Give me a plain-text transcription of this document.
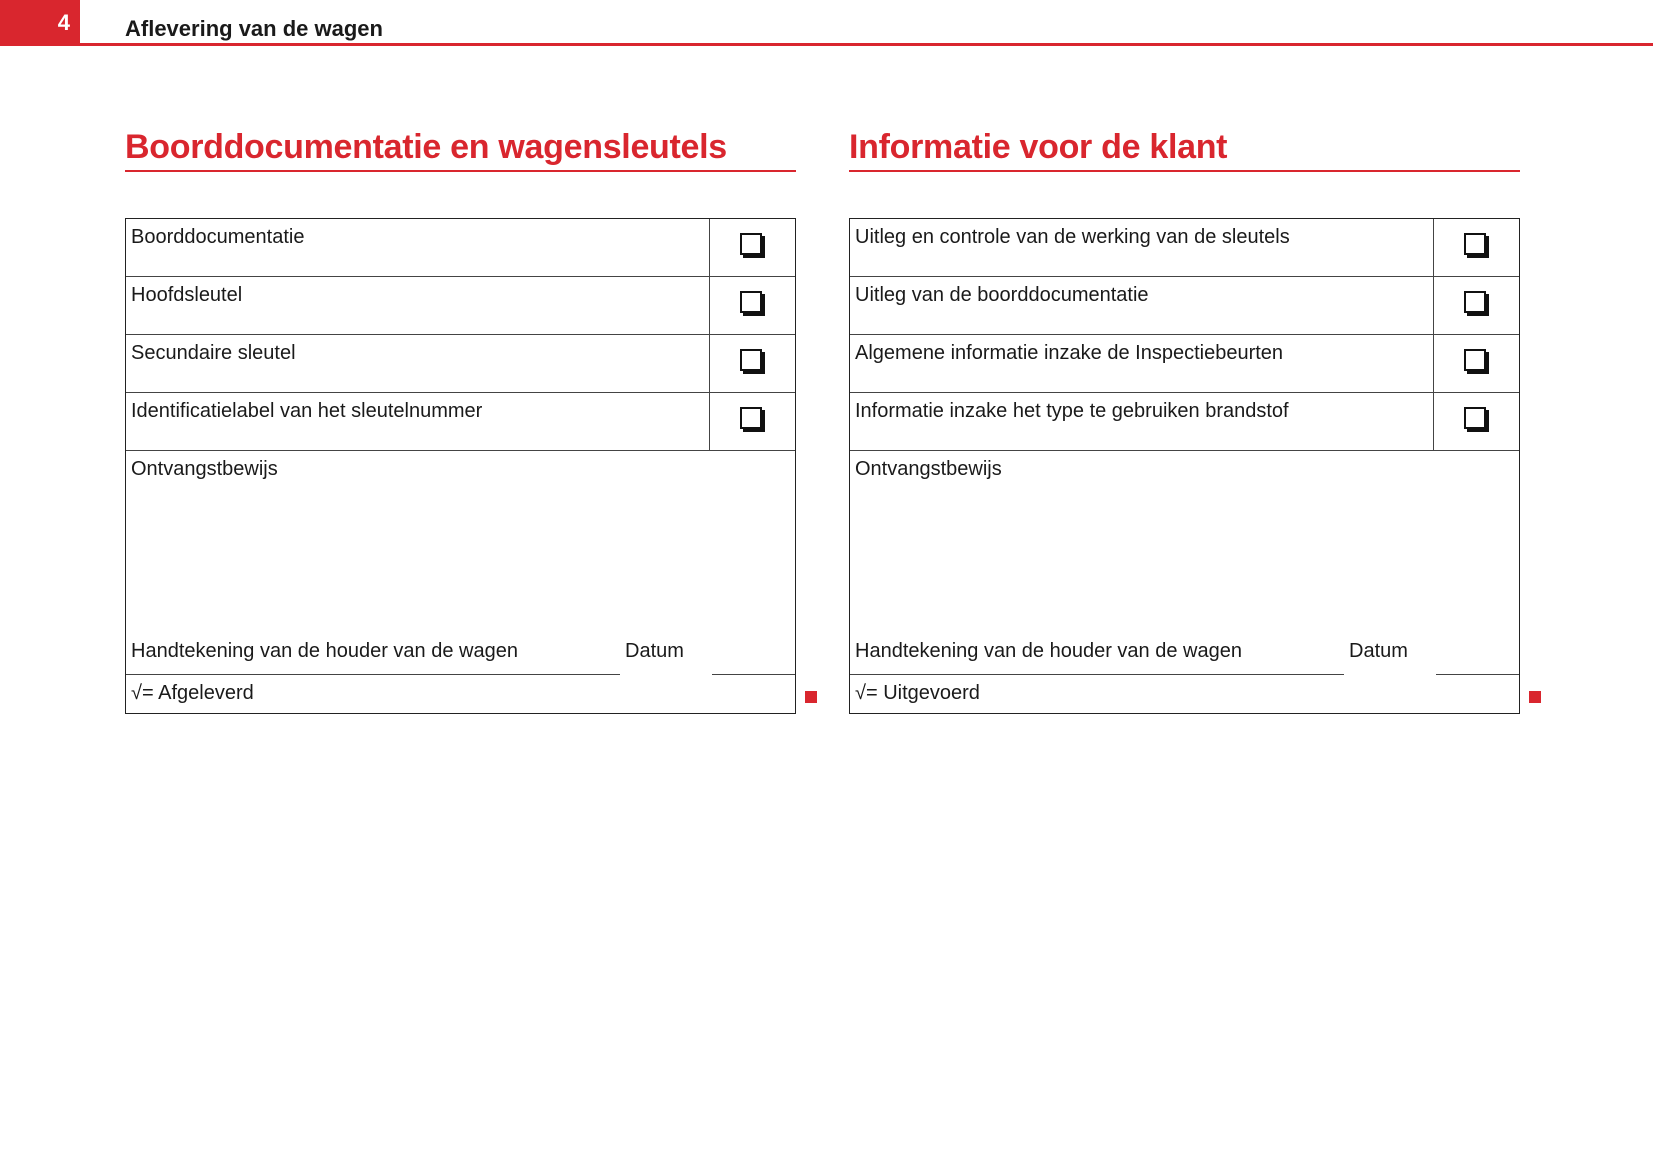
4	Aflevering van de wagen
Boorddocumentatie en wagensleutels
Boorddocumentatie
Hoofdsleutel
Secundaire sleutel
Identificatielabel van het sleutelnummer
Ontvangstbewijs
Handtekening van de houder van de wagen	Datum
√= Afgeleverd
Informatie voor de klant
Uitleg en controle van de werking van de sleutels
Uitleg van de boorddocumentatie
Algemene informatie inzake de Inspectiebeurten
Informatie inzake het type te gebruiken brandstof
Ontvangstbewijs
Handtekening van de houder van de wagen	Datum
√= Uitgevoerd
